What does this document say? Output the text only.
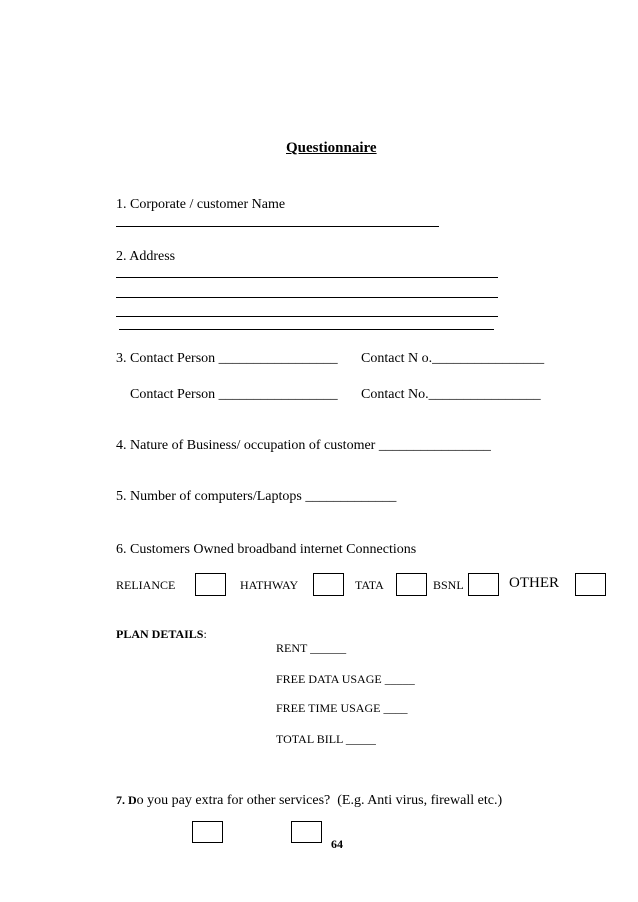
Questionnaire
1. Corporate / customer Name
2. Address
3. Contact Person _________________ Contact N o.________________
Contact Person _________________ Contact No.________________
4. Nature of Business/ occupation of customer ________________
5. Number of computers/Laptops _____________
6. Customers Owned broadband internet Connections
RELIANCE	HATHWAY	TATA	BSNL	OTHER
PLAN DETAILS:
RENT ______
FREE DATA USAGE _____
FREE TIME USAGE ____
TOTAL BILL _____
7. Do you pay extra for other services?  (E.g. Anti virus, firewall etc.)
64
